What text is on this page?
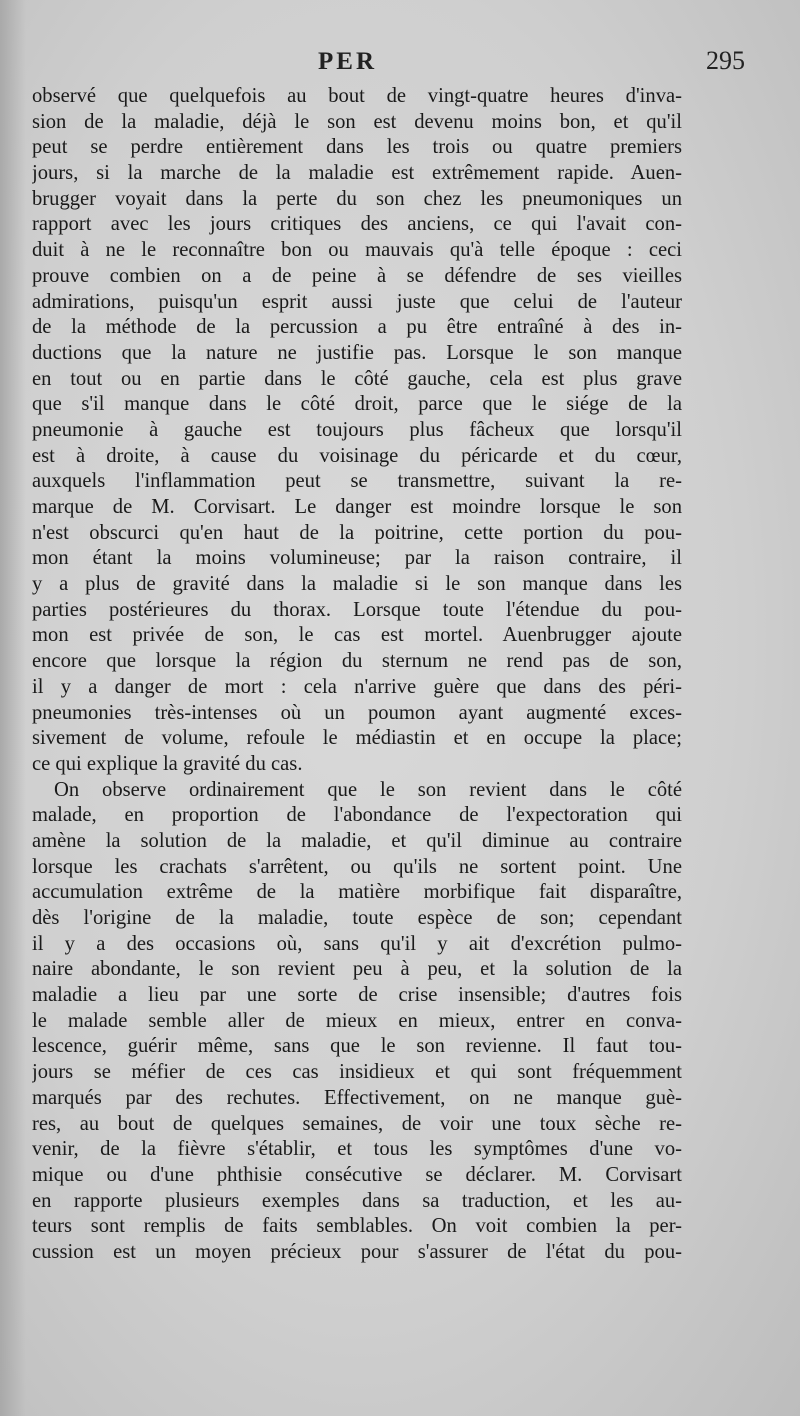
PER	295
observé que quelquefois au bout de vingt-quatre heures d'inva-
sion de la maladie, déjà le son est devenu moins bon, et qu'il
peut se perdre entièrement dans les trois ou quatre premiers
jours, si la marche de la maladie est extrêmement rapide. Auen-
brugger voyait dans la perte du son chez les pneumoniques un
rapport avec les jours critiques des anciens, ce qui l'avait con-
duit à ne le reconnaître bon ou mauvais qu'à telle époque : ceci
prouve combien on a de peine à se défendre de ses vieilles
admirations, puisqu'un esprit aussi juste que celui de l'auteur
de la méthode de la percussion a pu être entraîné à des in-
ductions que la nature ne justifie pas. Lorsque le son manque
en tout ou en partie dans le côté gauche, cela est plus grave
que s'il manque dans le côté droit, parce que le siége de la
pneumonie à gauche est toujours plus fâcheux que lorsqu'il
est à droite, à cause du voisinage du péricarde et du cœur,
auxquels l'inflammation peut se transmettre, suivant la re-
marque de M. Corvisart. Le danger est moindre lorsque le son
n'est obscurci qu'en haut de la poitrine, cette portion du pou-
mon étant la moins volumineuse; par la raison contraire, il
y a plus de gravité dans la maladie si le son manque dans les
parties postérieures du thorax. Lorsque toute l'étendue du pou-
mon est privée de son, le cas est mortel. Auenbrugger ajoute
encore que lorsque la région du sternum ne rend pas de son,
il y a danger de mort : cela n'arrive guère que dans des péri-
pneumonies très-intenses où un poumon ayant augmenté exces-
sivement de volume, refoule le médiastin et en occupe la place;
ce qui explique la gravité du cas.
On observe ordinairement que le son revient dans le côté
malade, en proportion de l'abondance de l'expectoration qui
amène la solution de la maladie, et qu'il diminue au contraire
lorsque les crachats s'arrêtent, ou qu'ils ne sortent point. Une
accumulation extrême de la matière morbifique fait disparaître,
dès l'origine de la maladie, toute espèce de son; cependant
il y a des occasions où, sans qu'il y ait d'excrétion pulmo-
naire abondante, le son revient peu à peu, et la solution de la
maladie a lieu par une sorte de crise insensible; d'autres fois
le malade semble aller de mieux en mieux, entrer en conva-
lescence, guérir même, sans que le son revienne. Il faut tou-
jours se méfier de ces cas insidieux et qui sont fréquemment
marqués par des rechutes. Effectivement, on ne manque guè-
res, au bout de quelques semaines, de voir une toux sèche re-
venir, de la fièvre s'établir, et tous les symptômes d'une vo-
mique ou d'une phthisie consécutive se déclarer. M. Corvisart
en rapporte plusieurs exemples dans sa traduction, et les au-
teurs sont remplis de faits semblables. On voit combien la per-
cussion est un moyen précieux pour s'assurer de l'état du pou-
